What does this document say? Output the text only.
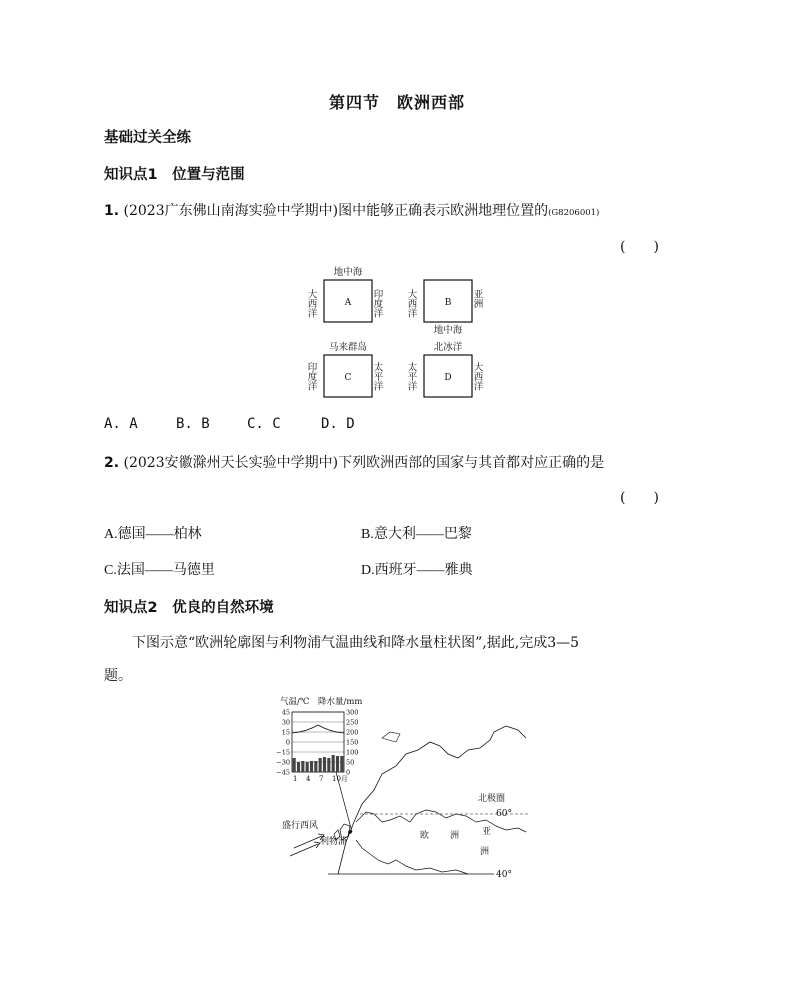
第四节　欧洲西部
基础过关全练
知识点1　位置与范围
1. (2023广东佛山南海实验中学期中)图中能够正确表示欧洲地理位置的(G8206001)
(　　)
A
地中海
大西洋	印度洋	B
地中海
大西洋	亚洲
C
马来群岛
印度洋	太平洋	D
北冰洋
太平洋	大西洋
A. A	B. B	C. C	D. D
2. (2023安徽滁州天长实验中学期中)下列欧洲西部的国家与其首都对应正确的是
(　　)
A.德国——柏林	B.意大利——巴黎
C.法国——马德里	D.西班牙——雅典
知识点2　优良的自然环境
下图示意“欧洲轮廓图与利物浦气温曲线和降水量柱状图”,据此,完成3—5
题。
气温/℃ 降水量/mm
45
30
15
0
−15
−30
−45
300
250
200
150
100
50
0
1 4 7 10月
北极圈
60°
40°
欧 洲	亚
洲
盛行西风
利物浦
